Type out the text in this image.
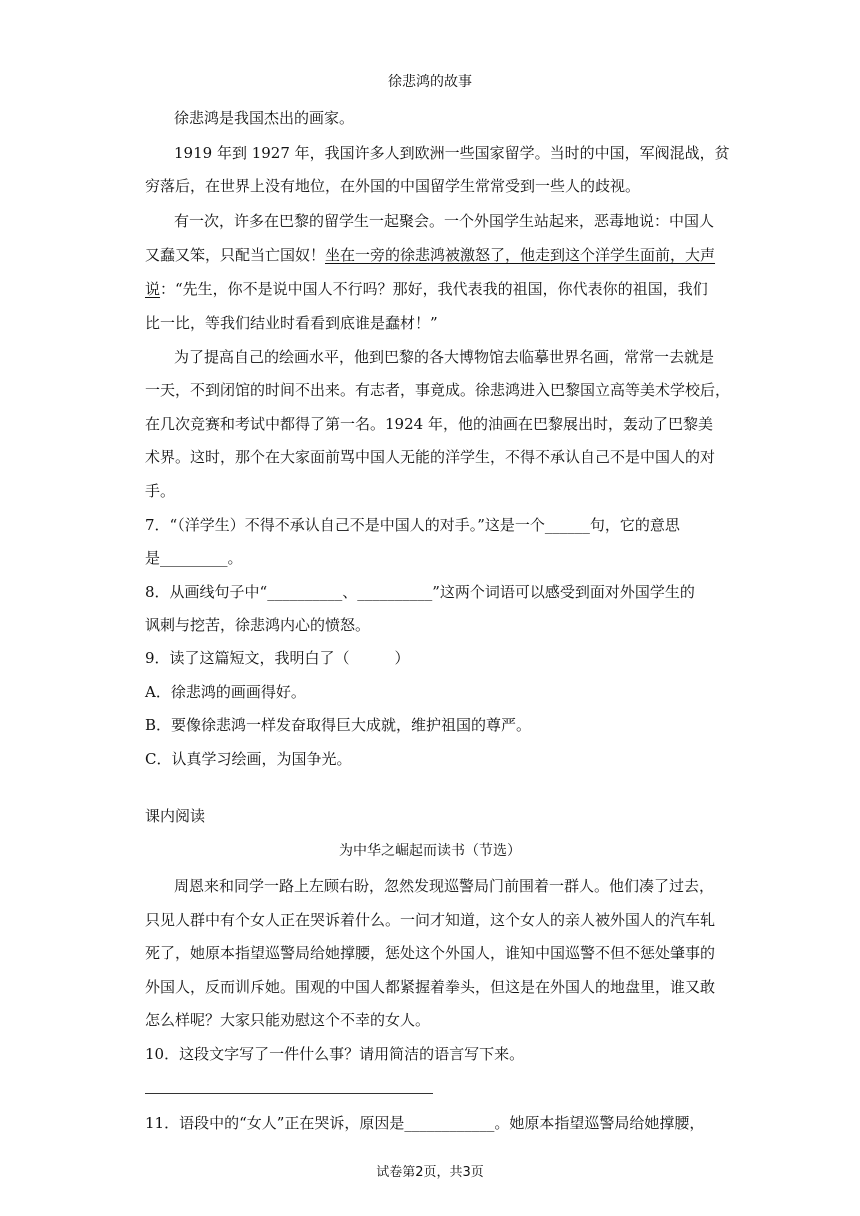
徐悲鸿的故事
徐悲鸿是我国杰出的画家。
1919 年到 1927 年，我国许多人到欧洲一些国家留学。当时的中国，军阀混战，贫
穷落后，在世界上没有地位，在外国的中国留学生常常受到一些人的歧视。
有一次，许多在巴黎的留学生一起聚会。一个外国学生站起来，恶毒地说：中国人
又蠢又笨，只配当亡国奴！坐在一旁的徐悲鸿被激怒了，他走到这个洋学生面前，大声
说：“先生，你不是说中国人不行吗？那好，我代表我的祖国，你代表你的祖国，我们
比一比，等我们结业时看看到底谁是蠢材！”
为了提高自己的绘画水平，他到巴黎的各大博物馆去临摹世界名画，常常一去就是
一天，不到闭馆的时间不出来。有志者，事竟成。徐悲鸿进入巴黎国立高等美术学校后，
在几次竞赛和考试中都得了第一名。1924 年，他的油画在巴黎展出时，轰动了巴黎美
术界。这时，那个在大家面前骂中国人无能的洋学生，不得不承认自己不是中国人的对
手。
7．“（洋学生）不得不承认自己不是中国人的对手。”这是一个______句，它的意思
是_________。
8．从画线句子中“__________、__________”这两个词语可以感受到面对外国学生的
讽刺与挖苦，徐悲鸿内心的愤怒。
9．读了这篇短文，我明白了（　　　）
A．徐悲鸿的画画得好。
B．要像徐悲鸿一样发奋取得巨大成就，维护祖国的尊严。
C．认真学习绘画，为国争光。
课内阅读
为中华之崛起而读书（节选）
周恩来和同学一路上左顾右盼，忽然发现巡警局门前围着一群人。他们凑了过去，
只见人群中有个女人正在哭诉着什么。一问才知道，这个女人的亲人被外国人的汽车轧
死了，她原本指望巡警局给她撑腰，惩处这个外国人，谁知中国巡警不但不惩处肇事的
外国人，反而训斥她。围观的中国人都紧握着拳头，但这是在外国人的地盘里，谁又敢
怎么样呢？大家只能劝慰这个不幸的女人。
10．这段文字写了一件什么事？请用简洁的语言写下来。
11．语段中的“女人”正在哭诉，原因是____________。她原本指望巡警局给她撑腰，
试卷第2页，共3页
